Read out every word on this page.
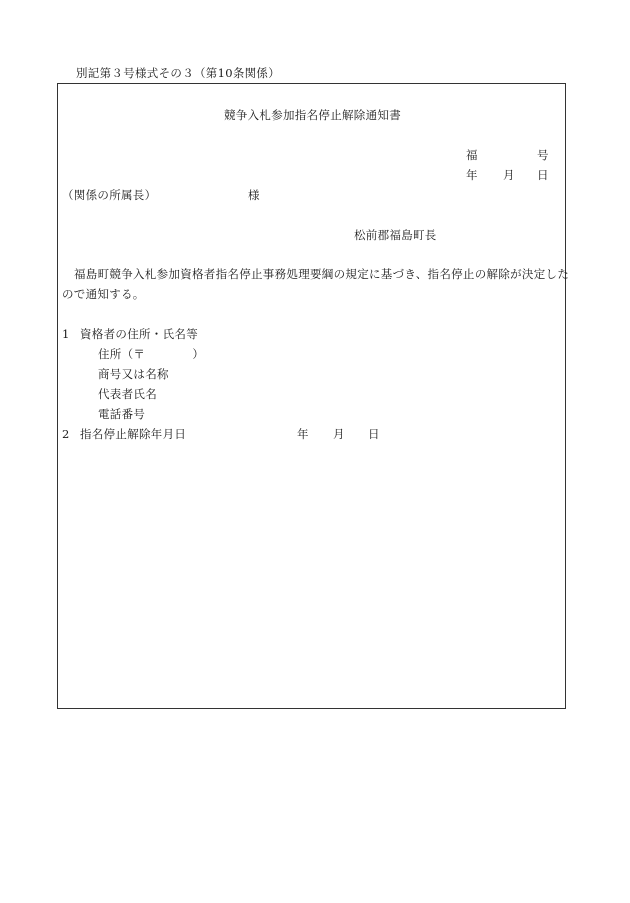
別記第３号様式その３（第10条関係）
競争入札参加指名停止解除通知書
福	号
年 月 日
（関係の所属長）	様
松前郡福島町長
福島町競争入札参加資格者指名停止事務処理要綱の規定に基づき、指名停止の解除が決定した
ので通知する。
1 資格者の住所・氏名等
住所（〒　　　　）
商号又は名称
代表者氏名
電話番号
2 指名停止解除年月日	年 月 日
